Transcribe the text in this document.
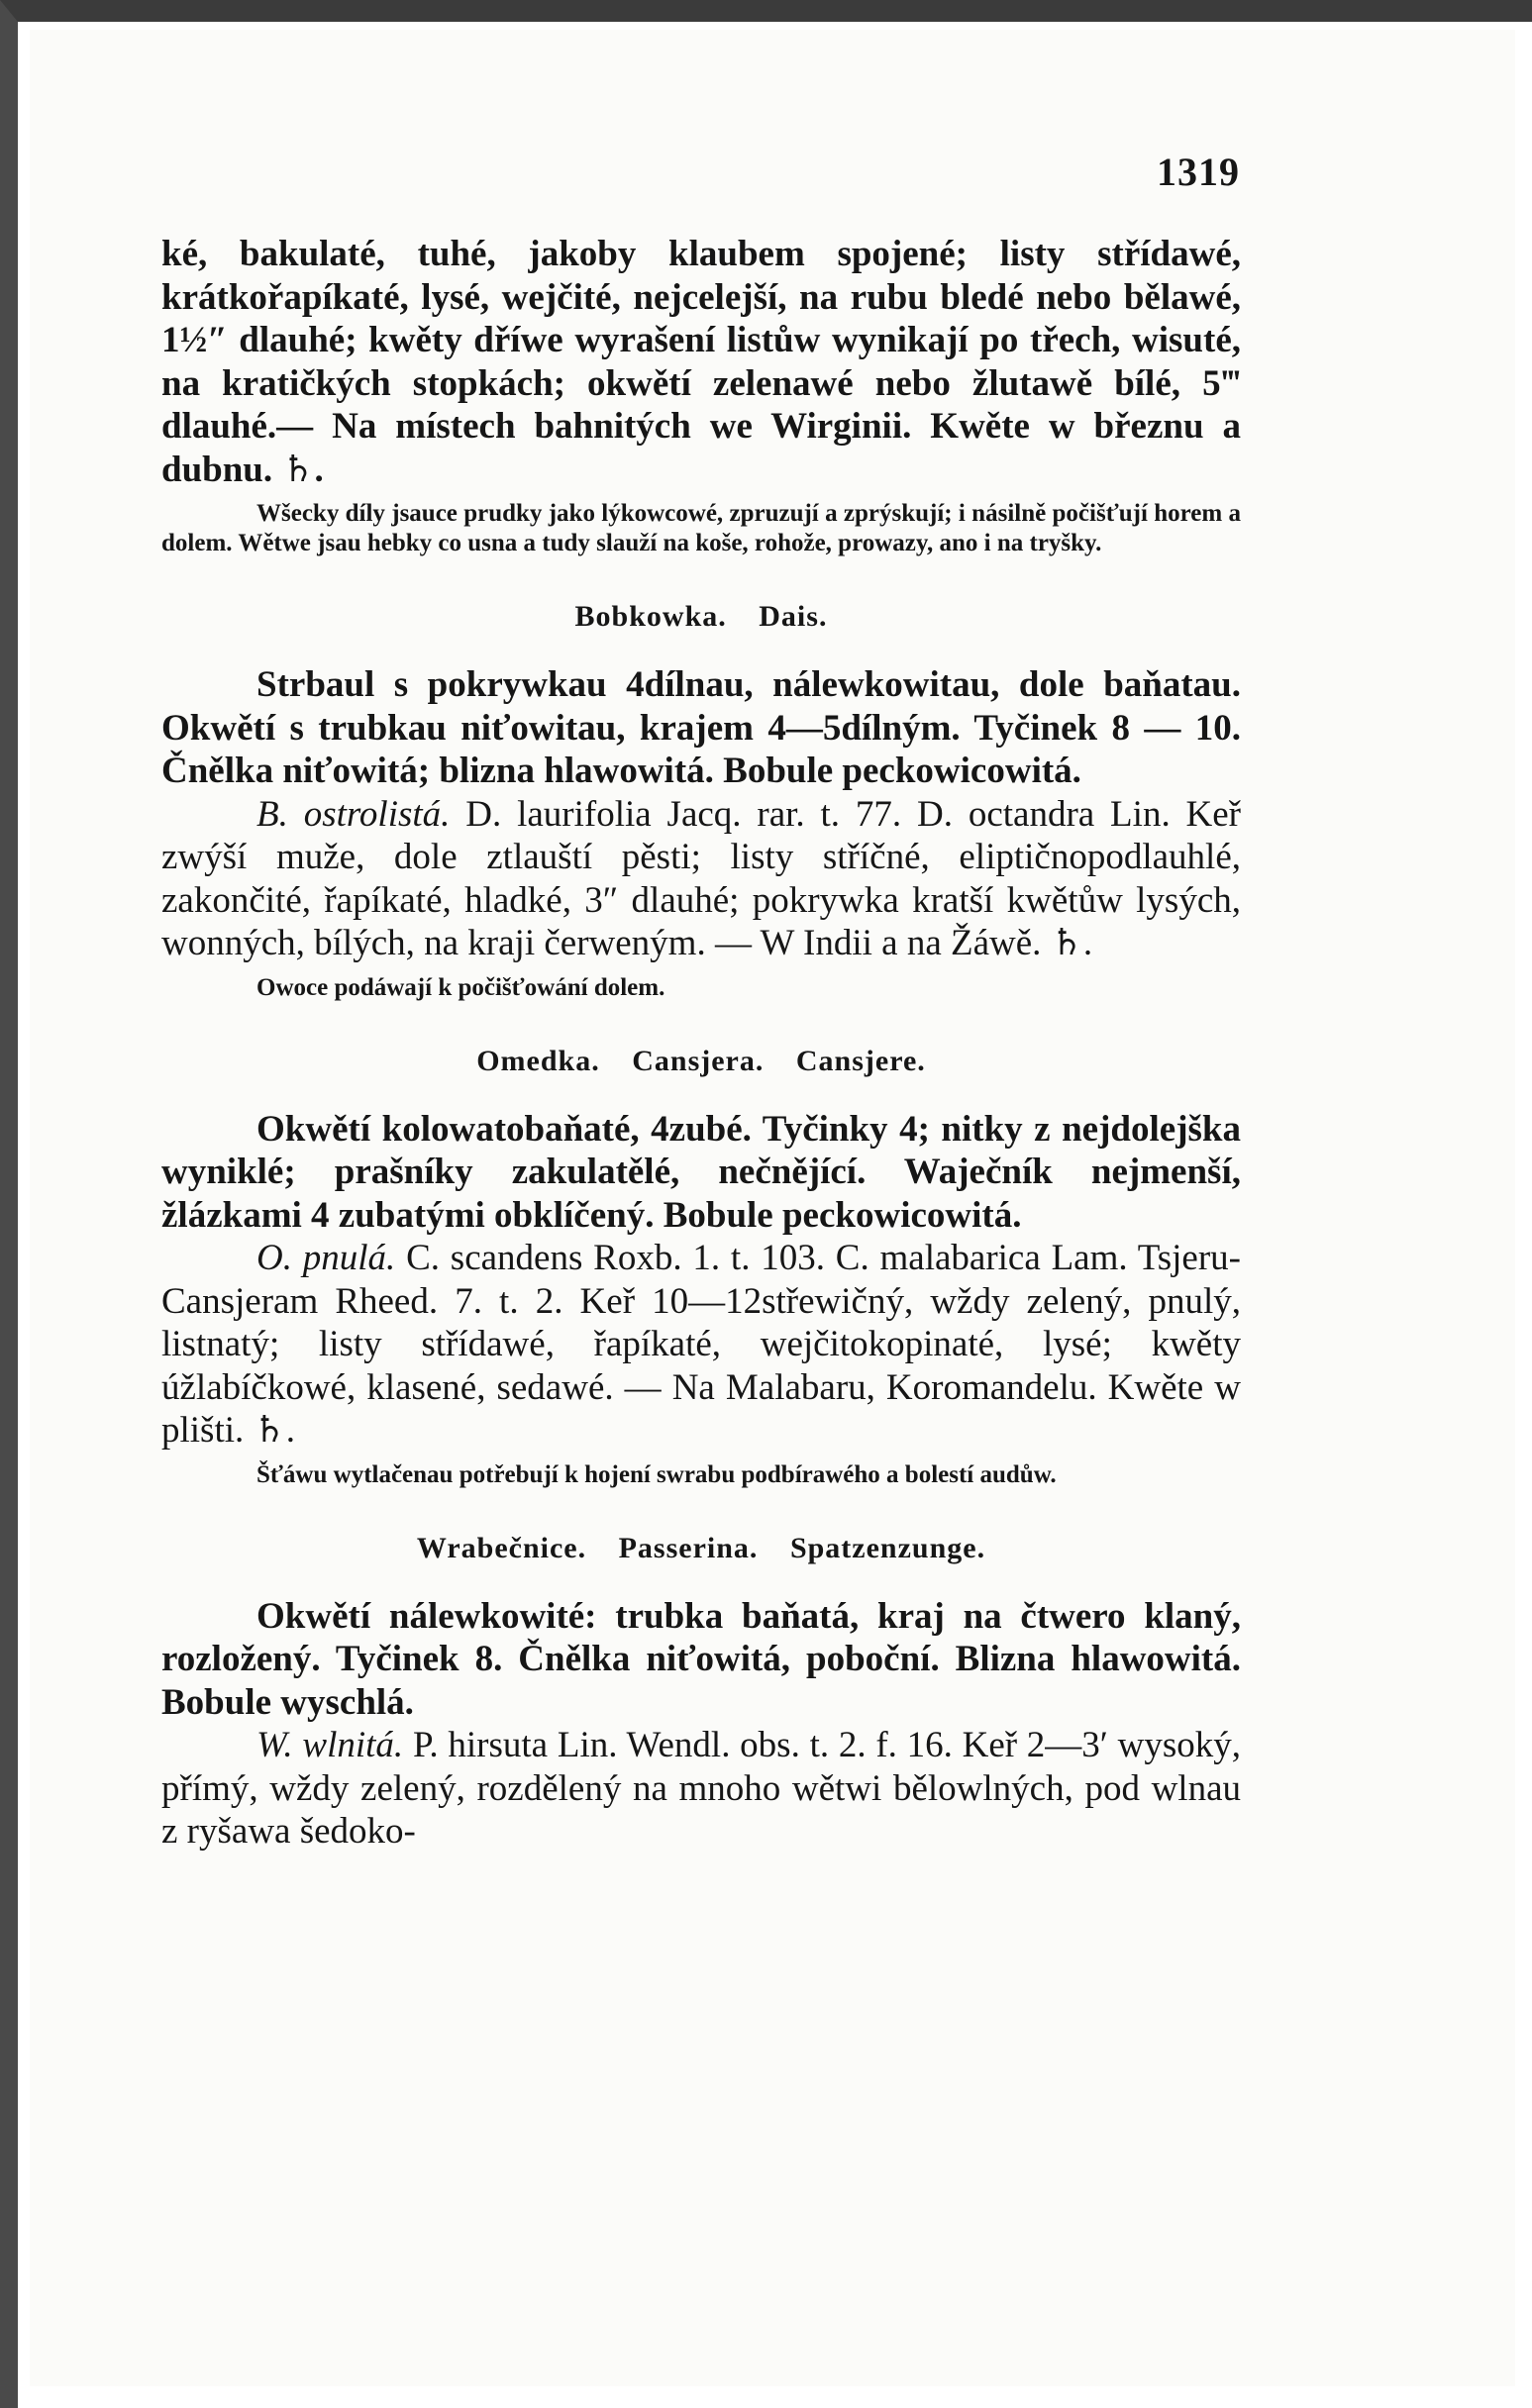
1319

ké, bakulaté, tuhé, jakoby klaubem spojené; listy střídawé, krátkořapíkaté, lysé, wejčité, nejcelejší, na rubu bledé nebo bělawé, 1½″ dlauhé; kwěty dříwe wyrašení listůw wynikají po třech, wisuté, na kratičkých stopkách; okwětí zelenawé nebo žlutawě bílé, 5‴ dlauhé.— Na místech bahnitých we Wirginii. Kwěte w březnu a dubnu. ♄.

Wšecky díly jsauce prudky jako lýkowcowé, zpruzují a zprýskují; i násilně počišťují horem a dolem. Wětwe jsau hebky co usna a tudy slauží na koše, rohože, prowazy, ano i na tryšky.

Bobkowka. Dais.

Strbaul s pokrywkau 4dílnau, nálewkowitau, dole baňatau. Okwětí s trubkau niťowitau, krajem 4—5dílným. Tyčinek 8 — 10. Čnělka niťowitá; blizna hlawowitá. Bobule peckowicowitá.

B. ostrolistá. D. laurifolia Jacq. rar. t. 77. D. octandra Lin. Keř zwýší muže, dole ztlauští pěsti; listy stříčné, eliptičnopodlauhlé, zakončité, řapíkaté, hladké, 3″ dlauhé; pokrywka kratší kwětůw lysých, wonných, bílých, na kraji čerweným. — W Indii a na Žáwě. ♄.

Owoce podáwají k počišťowání dolem.

Omedka. Cansjera. Cansjere.

Okwětí kolowatobaňaté, 4zubé. Tyčinky 4; nitky z nejdolejška wyniklé; prašníky zakulatělé, nečnějící. Waječník nejmenší, žlázkami 4 zubatými obklíčený. Bobule peckowicowitá.

O. pnulá. C. scandens Roxb. 1. t. 103. C. malabarica Lam. Tsjeru-Cansjeram Rheed. 7. t. 2. Keř 10—12střewičný, wždy zelený, pnulý, listnatý; listy střídawé, řapíkaté, wejčitokopinaté, lysé; kwěty úžlabíčkowé, klasené, sedawé. — Na Malabaru, Koromandelu. Kwěte w plišti. ♄.

Šťáwu wytlačenau potřebují k hojení swrabu podbírawého a bolestí audůw.

Wrabečnice. Passerina. Spatzenzunge.

Okwětí nálewkowité: trubka baňatá, kraj na čtwero klaný, rozložený. Tyčinek 8. Čnělka niťowitá, poboční. Blizna hlawowitá. Bobule wyschlá.

W. wlnitá. P. hirsuta Lin. Wendl. obs. t. 2. f. 16. Keř 2—3′ wysoký, přímý, wždy zelený, rozdělený na mnoho wětwi bělowlných, pod wlnau z ryšawa šedoko-
